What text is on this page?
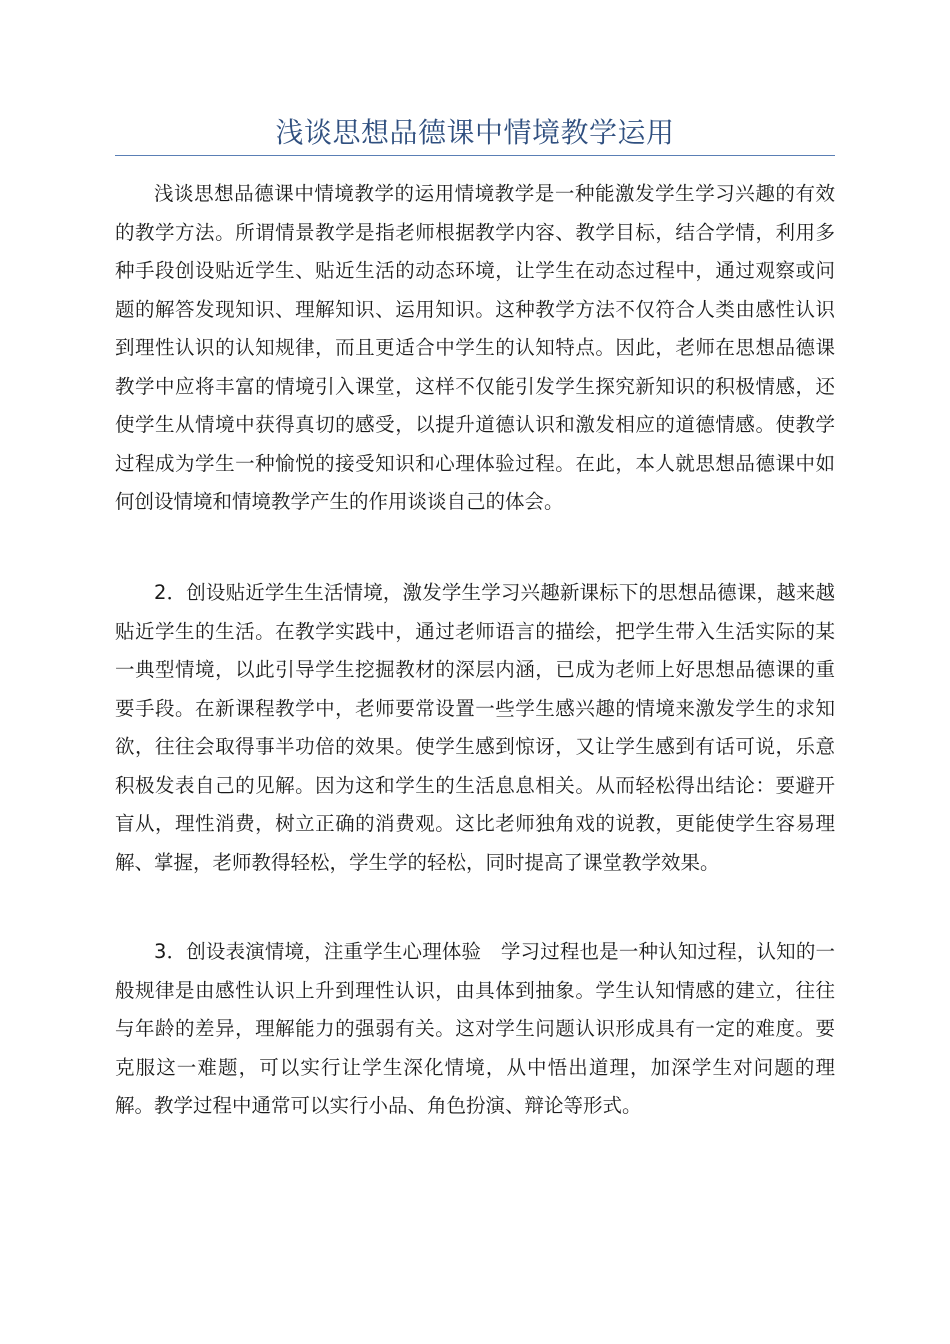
浅谈思想品德课中情境教学运用

浅谈思想品德课中情境教学的运用情境教学是一种能激发学生学习兴趣的有效的教学方法。所谓情景教学是指老师根据教学内容、教学目标，结合学情，利用多种手段创设贴近学生、贴近生活的动态环境，让学生在动态过程中，通过观察或问题的解答发现知识、理解知识、运用知识。这种教学方法不仅符合人类由感性认识到理性认识的认知规律，而且更适合中学生的认知特点。因此，老师在思想品德课教学中应将丰富的情境引入课堂，这样不仅能引发学生探究新知识的积极情感，还使学生从情境中获得真切的感受，以提升道德认识和激发相应的道德情感。使教学过程成为学生一种愉悦的接受知识和心理体验过程。在此，本人就思想品德课中如何创设情境和情境教学产生的作用谈谈自己的体会。

2．创设贴近学生生活情境，激发学生学习兴趣新课标下的思想品德课，越来越贴近学生的生活。在教学实践中，通过老师语言的描绘，把学生带入生活实际的某一典型情境，以此引导学生挖掘教材的深层内涵，已成为老师上好思想品德课的重要手段。在新课程教学中，老师要常设置一些学生感兴趣的情境来激发学生的求知欲，往往会取得事半功倍的效果。使学生感到惊讶，又让学生感到有话可说，乐意积极发表自己的见解。因为这和学生的生活息息相关。从而轻松得出结论：要避开盲从，理性消费，树立正确的消费观。这比老师独角戏的说教，更能使学生容易理解、掌握，老师教得轻松，学生学的轻松，同时提高了课堂教学效果。

3．创设表演情境，注重学生心理体验　学习过程也是一种认知过程，认知的一般规律是由感性认识上升到理性认识，由具体到抽象。学生认知情感的建立，往往与年龄的差异，理解能力的强弱有关。这对学生问题认识形成具有一定的难度。要克服这一难题，可以实行让学生深化情境，从中悟出道理，加深学生对问题的理解。教学过程中通常可以实行小品、角色扮演、辩论等形式。
